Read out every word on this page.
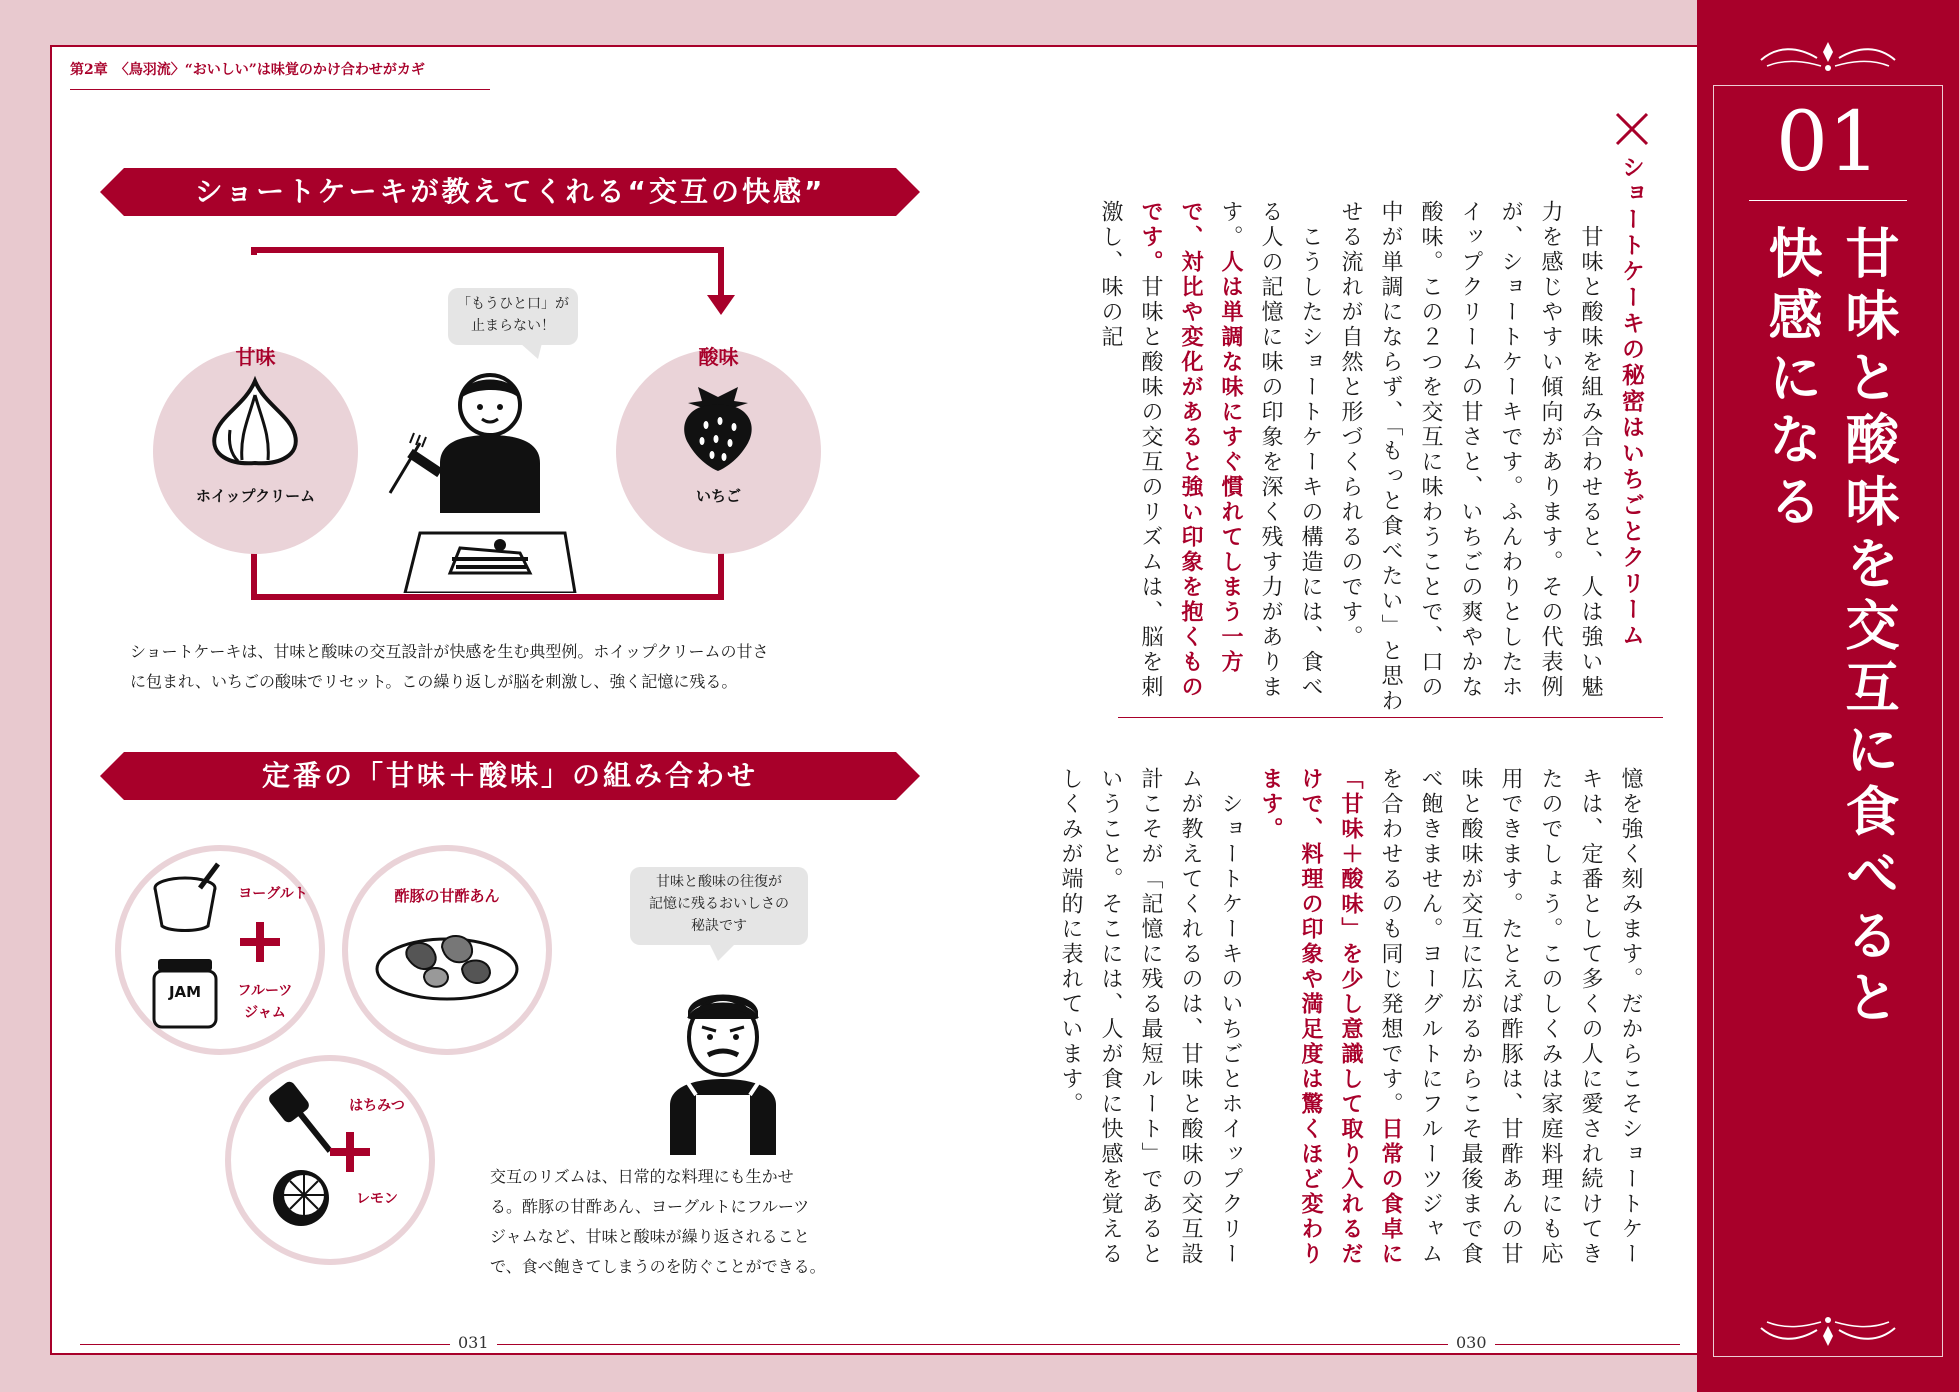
第2章　〈鳥羽流〉“おいしい”は味覚のかけ合わせがカギ
ショートケーキが教えてくれる“交互の快感”
甘味
ホイップクリーム
酸味
いちご
「もうひと口」が
止まらない！
ショートケーキは、甘味と酸味の交互設計が快感を生む典型例。ホイップクリームの甘さ
に包まれ、いちごの酸味でリセット。この繰り返しが脳を刺激し、強く記憶に残る。
定番の「甘味＋酸味」の組み合わせ
ヨーグルト
JAM	フルーツ
ジャム
酢豚の甘酢あん
はちみつ
レモン
甘味と酸味の往復が
記憶に残るおいしさの
秘訣です
交互のリズムは、日常的な料理にも生かせ
る。酢豚の甘酢あん、ヨーグルトにフルーツ
ジャムなど、甘味と酸味が繰り返されること
で、食べ飽きてしまうのを防ぐことができる。
ショートケーキの秘密はいちごとクリーム
　甘味と酸味を組み合わせると、人は強い魅力を感じやすい傾向があります。その代表例が、ショートケーキです。ふんわりとしたホイップクリームの甘さと、いちごの爽やかな酸味。この２つを交互に味わうことで、口の中が単調にならず、「もっと食べたい」と思わせる流れが自然と形づくられるのです。
　こうしたショートケーキの構造には、食べる人の記憶に味の印象を深く残す力があります。人は単調な味にすぐ慣れてしまう一方で、対比や変化があると強い印象を抱くものです。甘味と酸味の交互のリズムは、脳を刺激し、味の記
憶を強く刻みます。だからこそショートケーキは、定番として多くの人に愛され続けてきたのでしょう。このしくみは家庭料理にも応用できます。たとえば酢豚は、甘酢あんの甘味と酸味が交互に広がるからこそ最後まで食べ飽きません。ヨーグルトにフルーツジャムを合わせるのも同じ発想です。日常の食卓に「甘味＋酸味」を少し意識して取り入れるだけで、料理の印象や満足度は驚くほど変わります。
　ショートケーキのいちごとホイップクリームが教えてくれるのは、甘味と酸味の交互設計こそが「記憶に残る最短ルート」であるということ。そこには、人が食に快感を覚えるしくみが端的に表れています。
031	030
01
甘味と酸味を交互に食べると
快感になる
